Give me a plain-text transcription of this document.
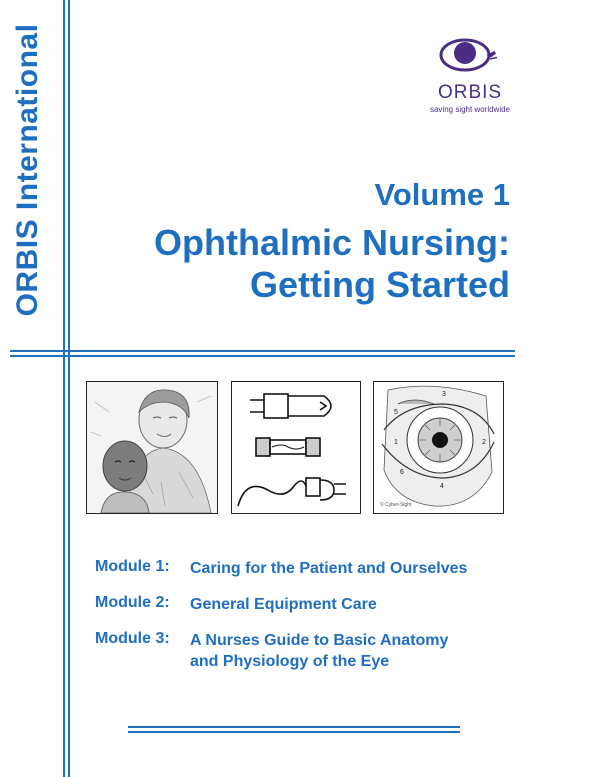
ORBIS International	ORBIS
saving sight worldwide
Volume 1
Ophthalmic Nursing:
Getting Started
1	2
3
4
5
6
© Cyber-Sight
Module 1:	Caring for the Patient and Ourselves
Module 2:	General Equipment Care
Module 3:	A Nurses Guide to Basic Anatomy
and Physiology of the Eye
